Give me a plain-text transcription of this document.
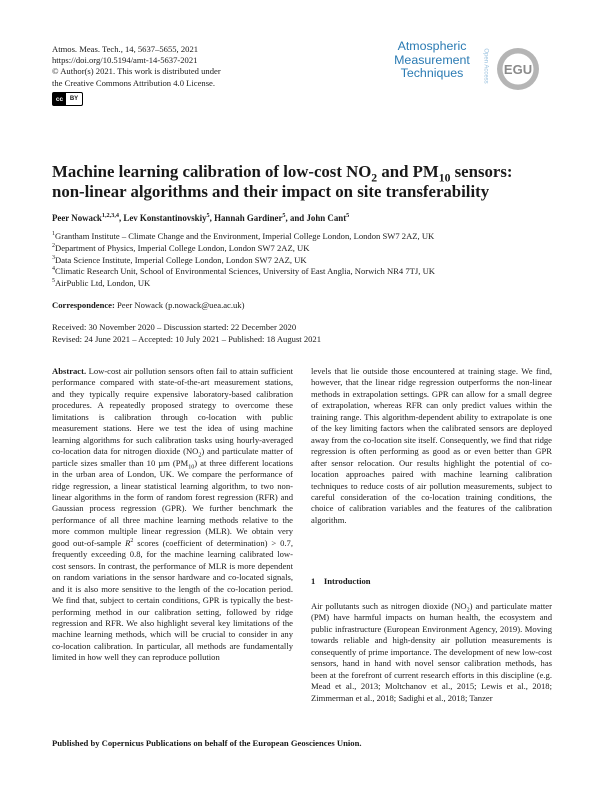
Atmos. Meas. Tech., 14, 5637–5655, 2021
https://doi.org/10.5194/amt-14-5637-2021
© Author(s) 2021. This work is distributed under
the Creative Commons Attribution 4.0 License.
cc	BY
Atmospheric
Measurement
Techniques	Open Access EGU
Machine learning calibration of low-cost $NO_2$ and $PM_{10}$ sensors:
non-linear algorithms and their impact on site transferability
Peer Nowack$^{1,2,3,4}$, Lev Konstantinovskiy$^5$, Hannah Gardiner$^5$, and John Cant$^5$
$^1$Grantham Institute – Climate Change and the Environment, Imperial College London, London SW7 2AZ, UK
$^2$Department of Physics, Imperial College London, London SW7 2AZ, UK
$^3$Data Science Institute, Imperial College London, London SW7 2AZ, UK
$^4$Climatic Research Unit, School of Environmental Sciences, University of East Anglia, Norwich NR4 7TJ, UK
$^5$AirPublic Ltd, London, UK
Correspondence: Peer Nowack (p.nowack@uea.ac.uk)
Received: 30 November 2020 – Discussion started: 22 December 2020
Revised: 24 June 2021 – Accepted: 10 July 2021 – Published: 18 August 2021

Abstract. Low-cost air pollution sensors often fail to attain sufficient performance compared with state-of-the-art measurement stations, and they typically require expensive laboratory-based calibration procedures. A repeatedly proposed strategy to overcome these limitations is calibration through co-location with public measurement stations. Here we test the idea of using machine learning algorithms for such calibration tasks using hourly-averaged co-location data for nitrogen dioxide $(NO_2)$ and particulate matter of particle sizes smaller than 10 µm $(PM_{10})$ at three different locations in the urban area of London, UK. We compare the performance of ridge regression, a linear statistical learning algorithm, to two non-linear algorithms in the form of random forest regression (RFR) and Gaussian process regression (GPR). We further benchmark the performance of all three machine learning methods relative to the more common multiple linear regression (MLR). We obtain very good out-of-sample $R^2$ scores (coefficient of determination) > 0.7, frequently exceeding 0.8, for the machine learning calibrated low-cost sensors. In contrast, the performance of MLR is more dependent on random variations in the sensor hardware and co-located signals, and it is also more sensitive to the length of the co-location period. We find that, subject to certain conditions, GPR is typically the best-performing method in our calibration setting, followed by ridge regression and RFR. We also highlight several key limitations of the machine learning methods, which will be crucial to consider in any co-location calibration. In particular, all methods are fundamentally limited in how well they can reproduce pollution

levels that lie outside those encountered at training stage. We find, however, that the linear ridge regression outperforms the non-linear methods in extrapolation settings. GPR can allow for a small degree of extrapolation, whereas RFR can only predict values within the training range. This algorithm-dependent ability to extrapolate is one of the key limiting factors when the calibrated sensors are deployed away from the co-location site itself. Consequently, we find that ridge regression is often performing as good as or even better than GPR after sensor relocation. Our results highlight the potential of co-location approaches paired with machine learning calibration techniques to reduce costs of air pollution measurements, subject to careful consideration of the co-location training conditions, the choice of calibration variables and the features of the calibration algorithm.

1 Introduction

Air pollutants such as nitrogen dioxide $(NO_2)$ and particulate matter (PM) have harmful impacts on human health, the ecosystem and public infrastructure (European Environment Agency, 2019). Moving towards reliable and high-density air pollution measurements is consequently of prime importance. The development of new low-cost sensors, hand in hand with novel sensor calibration methods, has been at the forefront of current research efforts in this discipline (e.g. Mead et al., 2013; Moltchanov et al., 2015; Lewis et al., 2018; Zimmerman et al., 2018; Sadighi et al., 2018; Tanzer

Published by Copernicus Publications on behalf of the European Geosciences Union.
